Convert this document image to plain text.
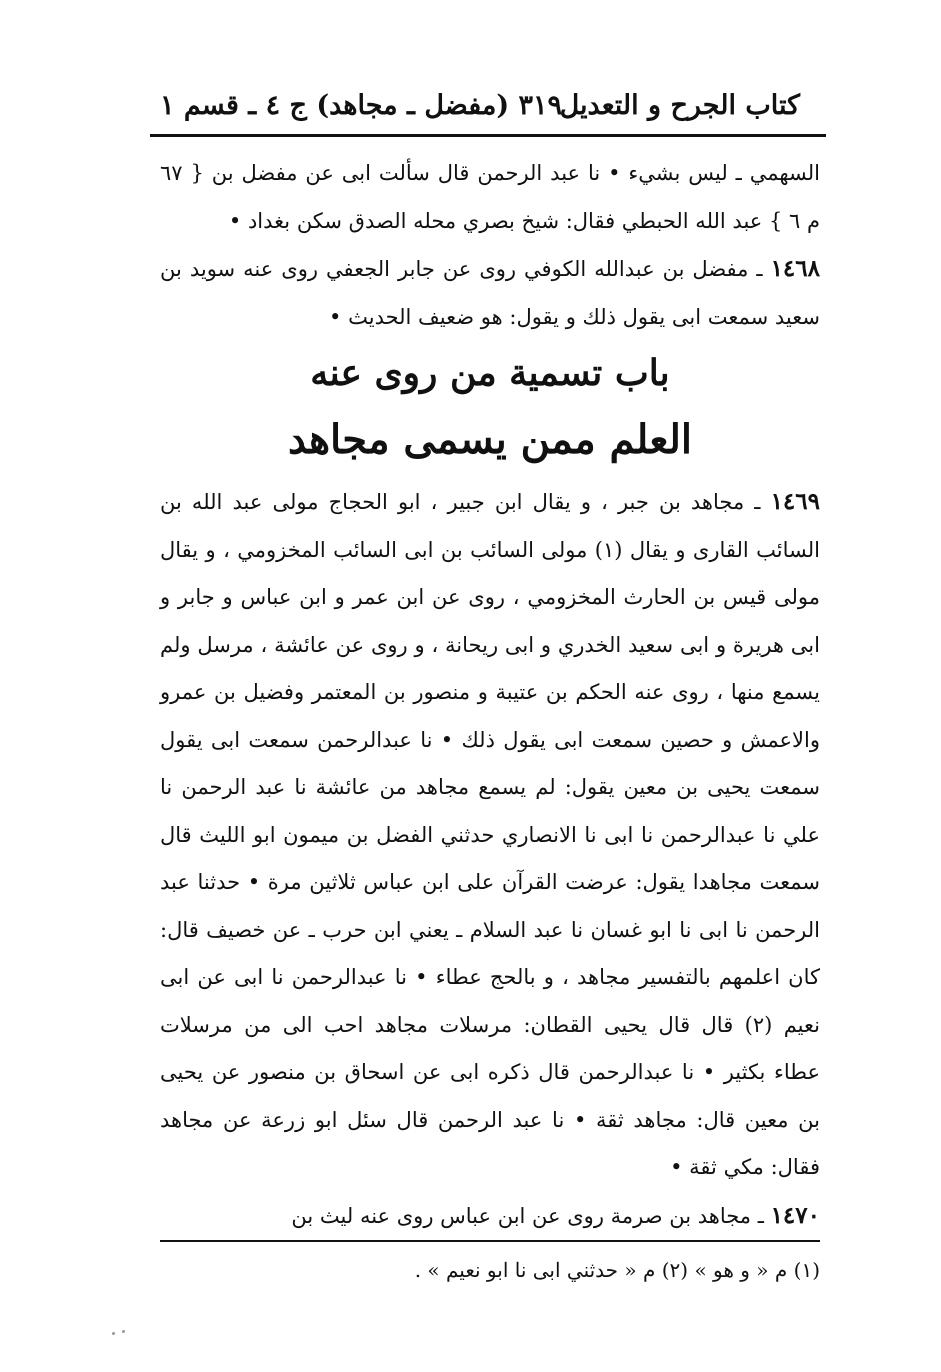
كتاب الجرح و التعديل
٣١٩ (مفضل ـ مجاهد) ج ٤ ـ قسم ١
السهمي ـ ليس بشيء • نا عبد الرحمن قال سألت ابى عن مفضل بن { ٦٧ م ٦ } عبد الله الحبطي فقال: شيخ بصري محله الصدق سكن بغداد •
١٤٦٨ ـ مفضل بن عبدالله الكوفي روى عن جابر الجعفي روى عنه سويد بن سعيد سمعت ابى يقول ذلك و يقول: هو ضعيف الحديث •
باب تسمية من روى عنه
العلم ممن يسمى مجاهد
١٤٦٩ ـ مجاهد بن جبر ، و يقال ابن جبير ، ابو الحجاج مولى عبد الله بن السائب القارى و يقال (١) مولى السائب بن ابى السائب المخزومي ، و يقال مولى قيس بن الحارث المخزومي ، روى عن ابن عمر و ابن عباس و جابر و ابى هريرة و ابى سعيد الخدري و ابى ريحانة ، و روى عن عائشة ، مرسل ولم يسمع منها ، روى عنه الحكم بن عتيبة و منصور بن المعتمر وفضيل بن عمرو والاعمش و حصين سمعت ابى يقول ذلك • نا عبدالرحمن سمعت ابى يقول سمعت يحيى بن معين يقول: لم يسمع مجاهد من عائشة نا عبد الرحمن نا علي نا عبدالرحمن نا ابى نا الانصاري حدثني الفضل بن ميمون ابو الليث قال سمعت مجاهدا يقول: عرضت القرآن على ابن عباس ثلاثين مرة • حدثنا عبد الرحمن نا ابى نا ابو غسان نا عبد السلام ـ يعني ابن حرب ـ عن خصيف قال: كان اعلمهم بالتفسير مجاهد ، و بالحج عطاء • نا عبدالرحمن نا ابى عن ابى نعيم (٢) قال قال يحيى القطان: مرسلات مجاهد احب الى من مرسلات عطاء بكثير • نا عبدالرحمن قال ذكره ابى عن اسحاق بن منصور عن يحيى بن معين قال: مجاهد ثقة • نا عبد الرحمن قال سئل ابو زرعة عن مجاهد فقال: مكي ثقة •
١٤٧٠ ـ مجاهد بن صرمة روى عن ابن عباس روى عنه ليث بن
(١) م « و هو » (٢) م « حدثني ابى نا ابو نعيم » .
